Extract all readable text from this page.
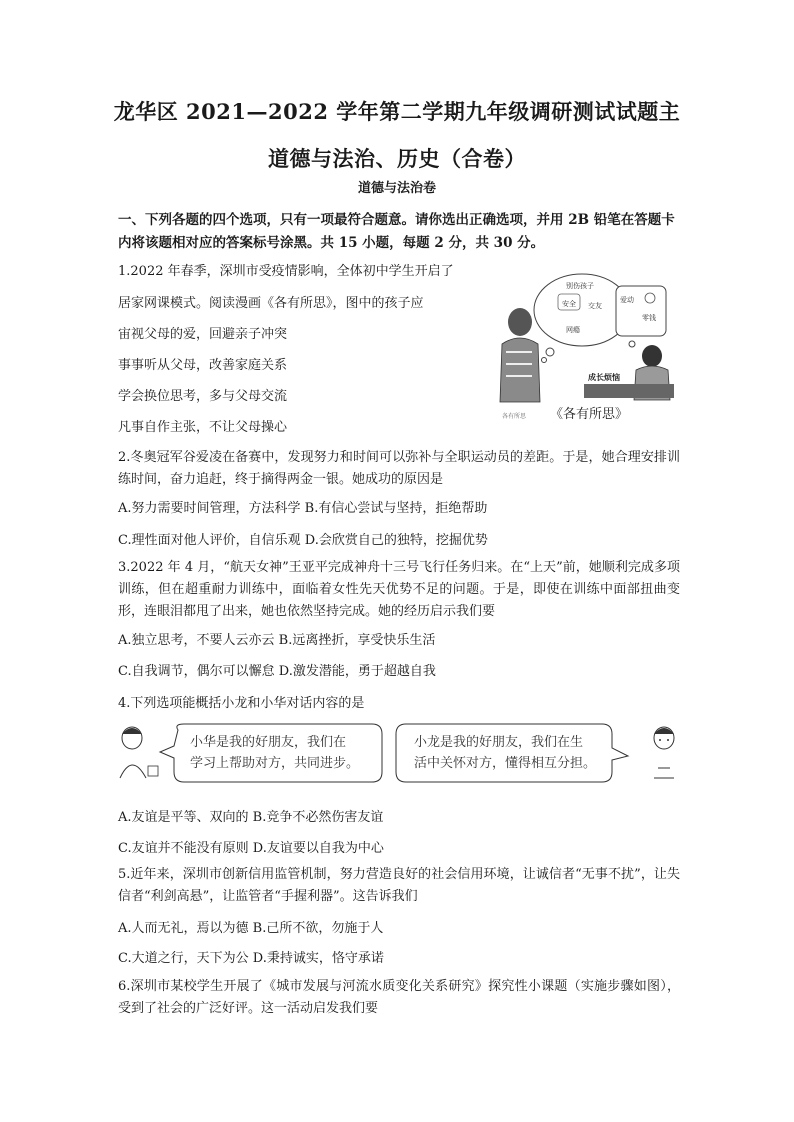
龙华区 2021—2022 学年第二学期九年级调研测试试题主
道德与法治、历史（合卷）
道德与法治卷
一、下列各题的四个选项，只有一项最符合题意。请你选出正确选项，并用 2B 铅笔在答题卡内将该题相对应的答案标号涂黑。共 15 小题，每题 2 分，共 30 分。
1.2022 年春季，深圳市受疫情影响，全体初中学生开启了
居家网课模式。阅读漫画《各有所思》，图中的孩子应
宙视父母的爱，回避亲子冲突
事事听从父母，改善家庭关系
学会换位思考，多与父母交流
凡事自作主张，不让父母操心
别伤孩子
安全 交友
网瘾
爱动
零钱
成长烦恼
各有所思 《各有所思》
2.冬奥冠军谷爱凌在备赛中，发现努力和时间可以弥补与全职运动员的差距。于是，她合理安排训练时间，奋力追赶，终于摘得两金一银。她成功的原因是
A.努力需要时间管理，方法科学 B.有信心尝试与坚持，拒绝帮助
C.理性面对他人评价，自信乐观 D.会欣赏自己的独特，挖掘优势
3.2022 年 4 月，“航天女神”王亚平完成神舟十三号飞行任务归来。在“上天”前，她顺利完成多项训练，但在超重耐力训练中，面临着女性先天优势不足的问题。于是，即使在训练中面部扭曲变形，连眼泪都甩了出来，她也依然坚持完成。她的经历启示我们要
A.独立思考，不要人云亦云 B.远离挫折，享受快乐生活
C.自我调节，偶尔可以懈怠 D.激发潜能，勇于超越自我
4.下列选项能概括小龙和小华对话内容的是
小华是我的好朋友，我们在
学习上帮助对方，共同进步。
小龙是我的好朋友，我们在生
活中关怀对方，懂得相互分担。
A.友谊是平等、双向的 B.竞争不必然伤害友谊
C.友谊并不能没有原则 D.友谊要以自我为中心
5.近年来，深圳市创新信用监管机制，努力营造良好的社会信用环境，让诚信者“无事不扰”，让失信者“利剑高悬”，让监管者“手握利器”。这告诉我们
A.人而无礼，焉以为德 B.己所不欲，勿施于人
C.大道之行，天下为公 D.秉持诚实，恪守承诺
6.深圳市某校学生开展了《城市发展与河流水质变化关系研究》探究性小课题（实施步骤如图），受到了社会的广泛好评。这一活动启发我们要
